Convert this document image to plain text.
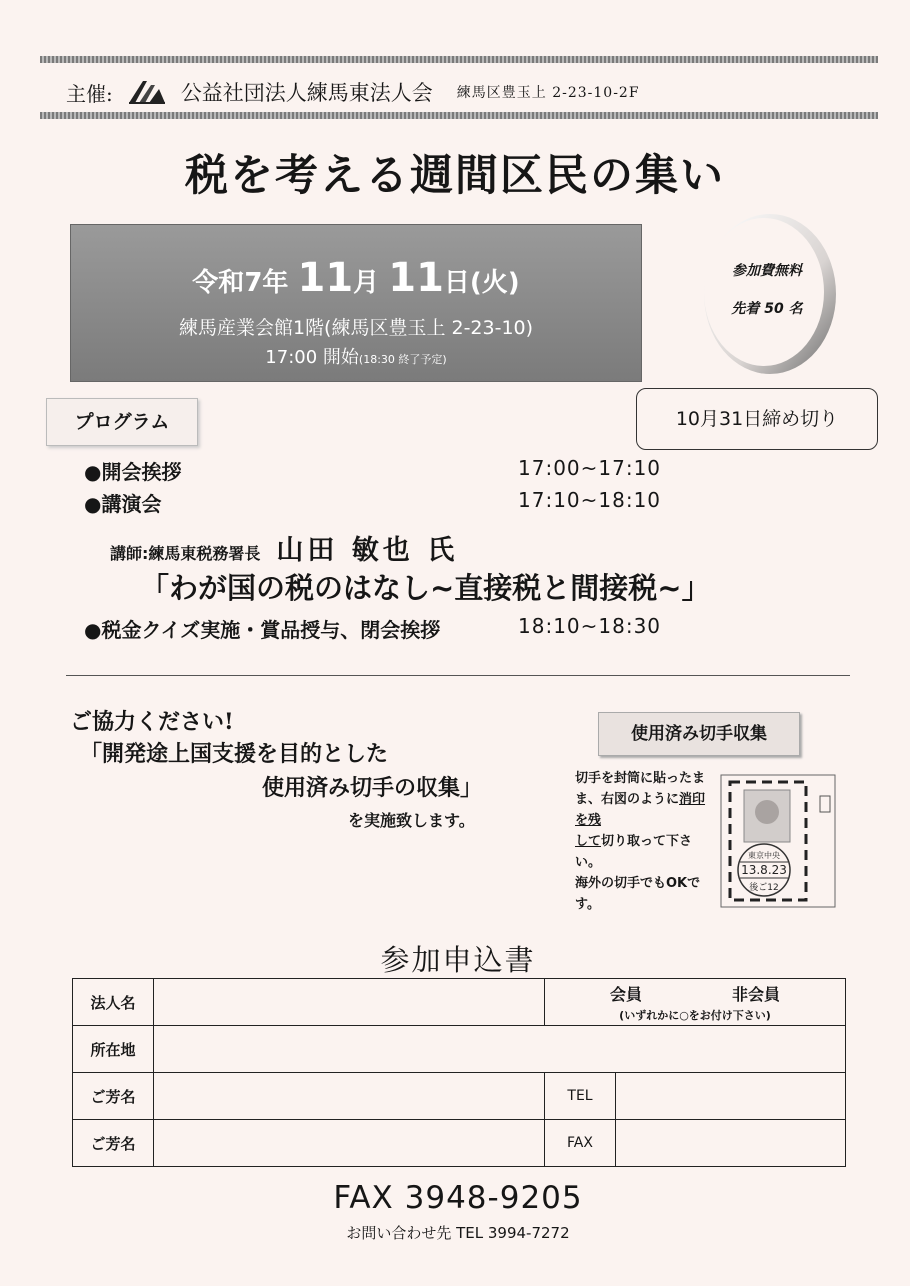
主催:	公益社団法人練馬東法人会 練馬区豊玉上 2-23-10-2F
税を考える週間区民の集い
令和7年 11月 11日(火)
練馬産業会館1階(練馬区豊玉上 2-23-10)
17:00 開始(18:30 終了予定)
参加費無料
先着 50 名
プログラム	10月31日締め切り
●開会挨拶	17:00~17:10
●講演会	17:10~18:10
講師:練馬東税務署長 山田 敏也 氏
「わが国の税のはなし~直接税と間接税~」
●税金クイズ実施・賞品授与、閉会挨拶	18:10~18:30
ご協力ください!
「開発途上国支援を目的とした
使用済み切手の収集」
を実施致します。
使用済み切手収集
切手を封筒に貼ったまま、右図のように消印を残
して切り取って下さい。
海外の切手でもOKです。
東京中央
13.8.23
後ご12
参加申込書
法人名		会員 非会員
(いずれかに○をお付け下さい)	

所在地			
ご芳名		TEL	
ご芳名		FAX	
FAX 3948-9205
お問い合わせ先 TEL 3994-7272
